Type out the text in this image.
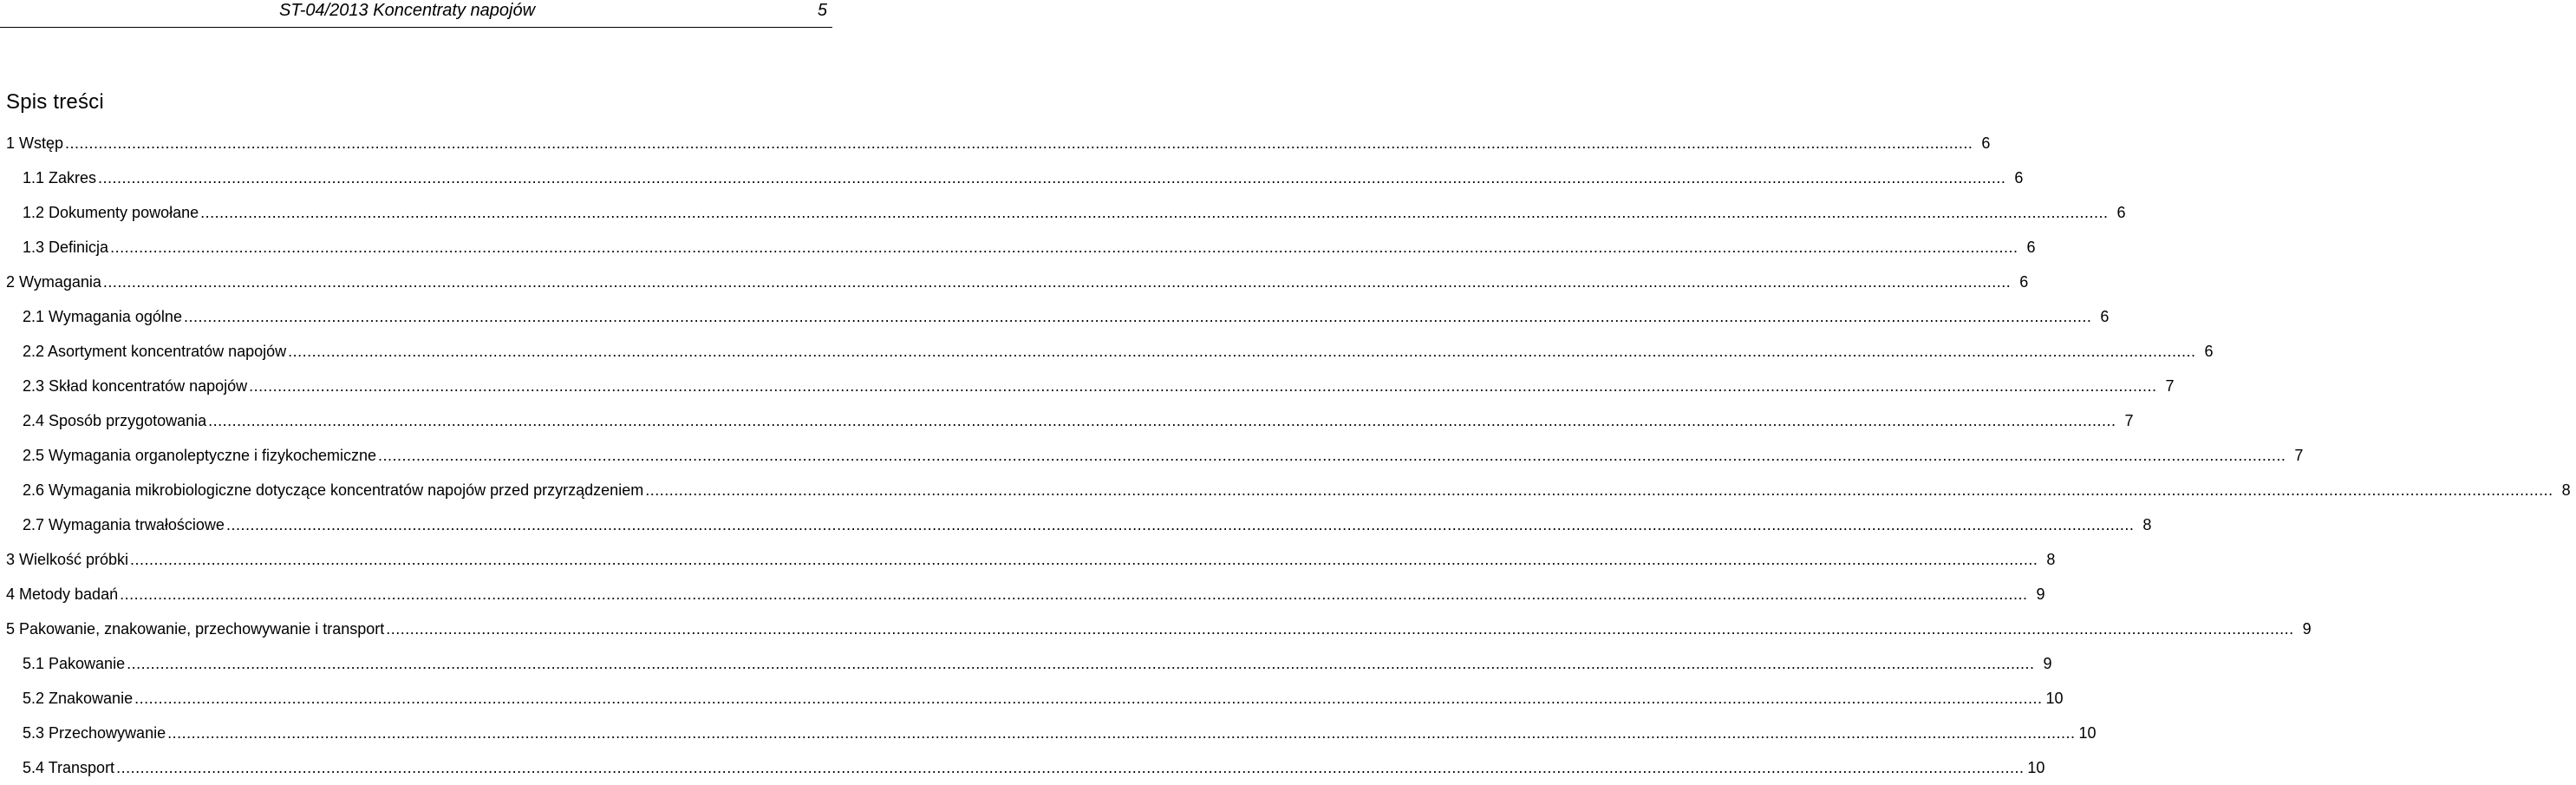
ST-04/2013 Koncentraty napojów	5
Spis treści
1 Wstęp ................................................................................................................................................................................................................................................................................................................................................................................................................ 6
1.1 Zakres ................................................................................................................................................................................................................................................................................................................................................................................................................ 6
1.2 Dokumenty powołane ................................................................................................................................................................................................................................................................................................................................................................................................................ 6
1.3 Definicja ................................................................................................................................................................................................................................................................................................................................................................................................................ 6
2 Wymagania ................................................................................................................................................................................................................................................................................................................................................................................................................ 6
2.1 Wymagania ogólne ................................................................................................................................................................................................................................................................................................................................................................................................................ 6
2.2 Asortyment koncentratów napojów ................................................................................................................................................................................................................................................................................................................................................................................................................ 6
2.3 Skład koncentratów napojów ................................................................................................................................................................................................................................................................................................................................................................................................................ 7
2.4 Sposób przygotowania ................................................................................................................................................................................................................................................................................................................................................................................................................ 7
2.5 Wymagania organoleptyczne i fizykochemiczne ................................................................................................................................................................................................................................................................................................................................................................................................................ 7
2.6 Wymagania mikrobiologiczne dotyczące koncentratów napojów przed przyrządzeniem ................................................................................................................................................................................................................................................................................................................................................................................................................ 8
2.7 Wymagania trwałościowe ................................................................................................................................................................................................................................................................................................................................................................................................................ 8
3 Wielkość próbki ................................................................................................................................................................................................................................................................................................................................................................................................................ 8
4 Metody badań ................................................................................................................................................................................................................................................................................................................................................................................................................ 9
5 Pakowanie, znakowanie, przechowywanie i transport ................................................................................................................................................................................................................................................................................................................................................................................................................ 9
5.1 Pakowanie ................................................................................................................................................................................................................................................................................................................................................................................................................ 9
5.2 Znakowanie ................................................................................................................................................................................................................................................................................................................................................................................................................ 10
5.3 Przechowywanie ................................................................................................................................................................................................................................................................................................................................................................................................................ 10
5.4 Transport ................................................................................................................................................................................................................................................................................................................................................................................................................ 10
